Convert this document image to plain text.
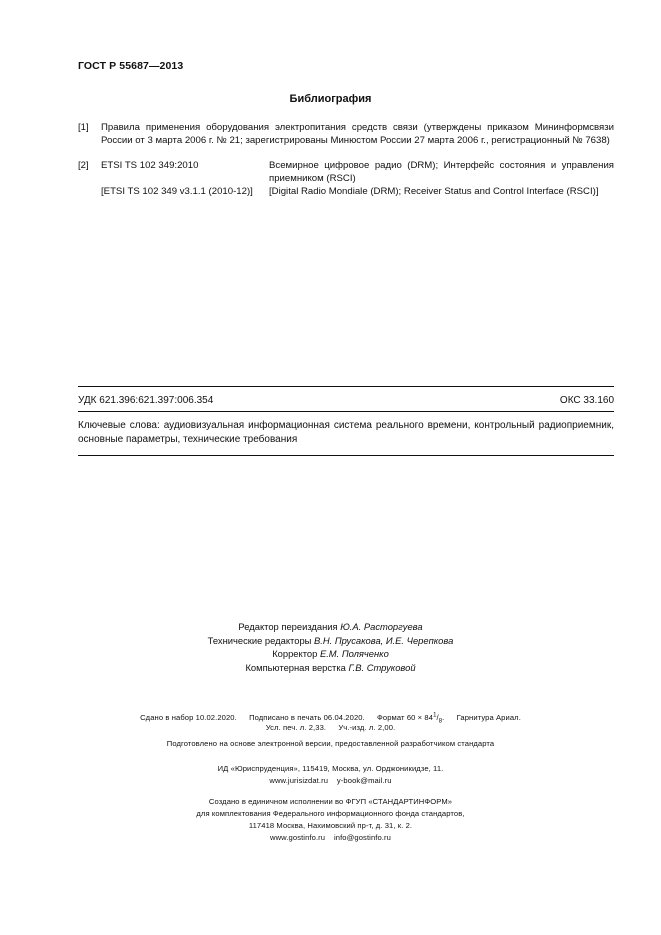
ГОСТ Р 55687—2013
Библиография
[1] Правила применения оборудования электропитания средств связи (утверждены приказом Мининформсвязи России от 3 марта 2006 г. № 21; зарегистрированы Минюстом России 27 марта 2006 г., регистрационный № 7638)
[2] ETSI TS 102 349:2010	Всемирное цифровое радио (DRM); Интерфейс состояния и управления приемником (RSCI)
[ETSI TS 102 349 v3.1.1 (2010-12)] [Digital Radio Mondiale (DRM); Receiver Status and Control Interface (RSCI)]
УДК 621.396:621.397:006.354	ОКС 33.160
Ключевые слова: аудиовизуальная информационная система реального времени, контрольный радиоприемник, основные параметры, технические требования
Редактор переиздания Ю.А. Расторгуева
Технические редакторы В.Н. Прусакова, И.Е. Черепкова
Корректор Е.М. Поляченко
Компьютерная верстка Г.В. Струковой
Сдано в набор 10.02.2020. Подписано в печать 06.04.2020. Формат $60 \times 84^1/_8$. Гарнитура Ариал.
Усл. печ. л. 2,33. Уч.-изд. л. 2,00.
Подготовлено на основе электронной версии, предоставленной разработчиком стандарта
ИД «Юриспруденция», 115419, Москва, ул. Орджоникидзе, 11.
www.jurisizdat.ru    y-book@mail.ru
Создано в единичном исполнении во ФГУП «СТАНДАРТИНФОРМ»
для комплектования Федерального информационного фонда стандартов,
117418 Москва, Нахимовский пр-т, д. 31, к. 2.
www.gostinfo.ru    info@gostinfo.ru
